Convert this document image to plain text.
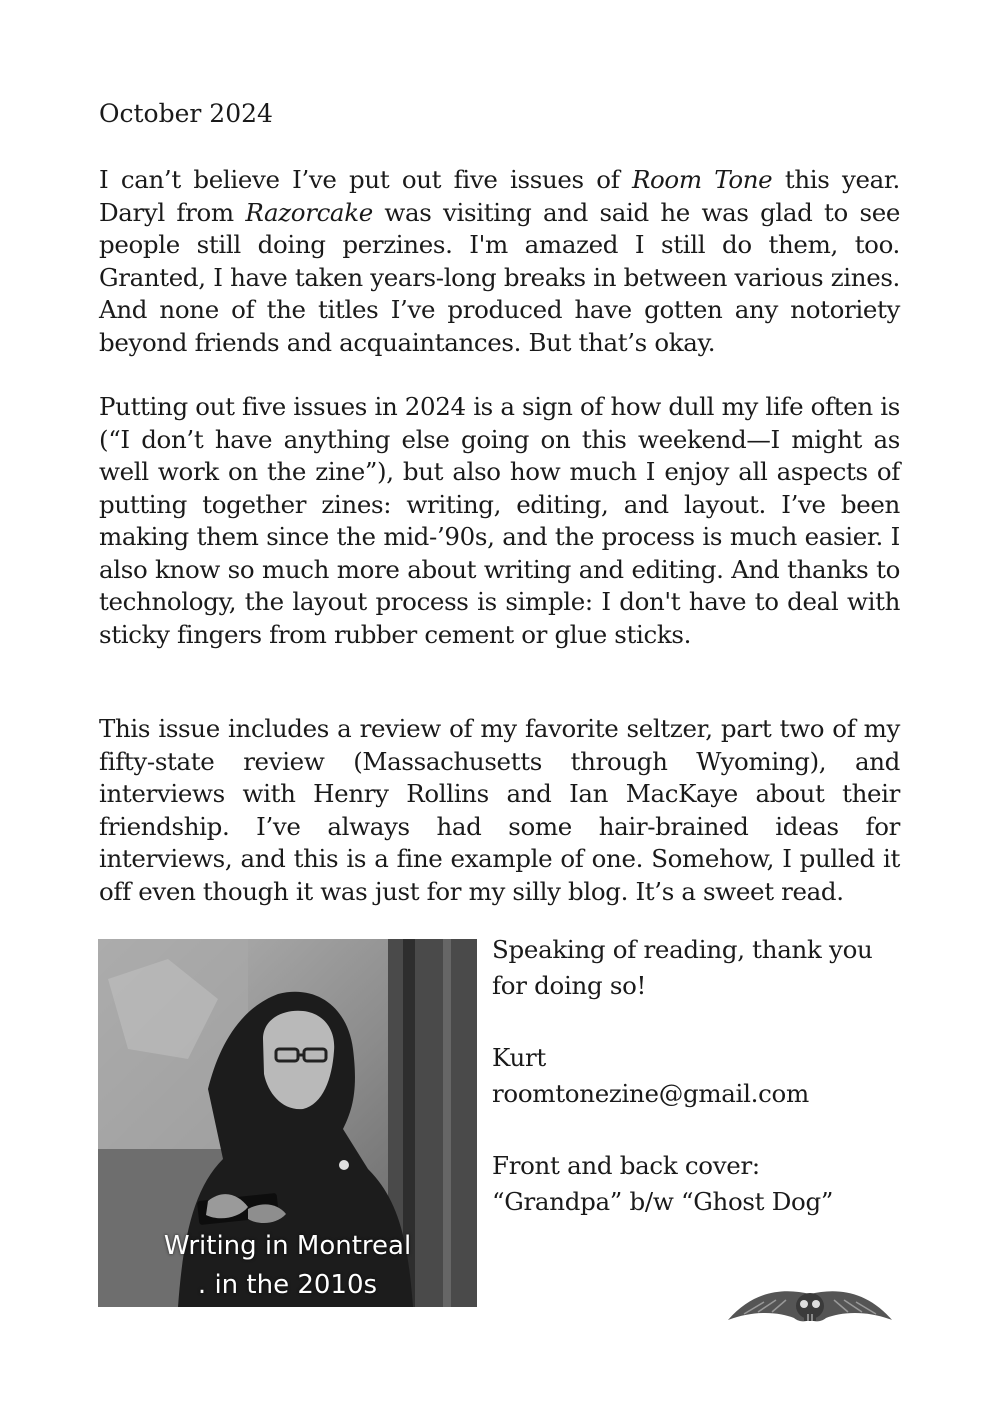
October 2024

I can’t believe I’ve put out five issues of Room Tone this year. Daryl from Razorcake was visiting and said he was glad to see people still doing perzines. I'm amazed I still do them, too. Granted, I have taken years-long breaks in between various zines. And none of the titles I’ve produced have gotten any notoriety beyond friends and acquaintances. But that’s okay.

Putting out five issues in 2024 is a sign of how dull my life often is (“I don’t have anything else going on this weekend—I might as well work on the zine”), but also how much I enjoy all aspects of putting together zines: writing, editing, and layout. I’ve been making them since the mid-’90s, and the process is much easier. I also know so much more about writing and editing. And thanks to technology, the layout process is simple: I don't have to deal with sticky fingers from rubber cement or glue sticks.

This issue includes a review of my favorite seltzer, part two of my fifty-state review (Massachusetts through Wyoming), and interviews with Henry Rollins and Ian MacKaye about their friendship. I’ve always had some hair-brained ideas for interviews, and this is a fine example of one. Somehow, I pulled it off even though it was just for my silly blog. It’s a sweet read.

Writing in Montreal
. in the 2010s
Speaking of reading, thank you
for doing so!
Kurt
roomtonezine@gmail.com
Front and back cover:
“Grandpa” b/w “Ghost Dog”
